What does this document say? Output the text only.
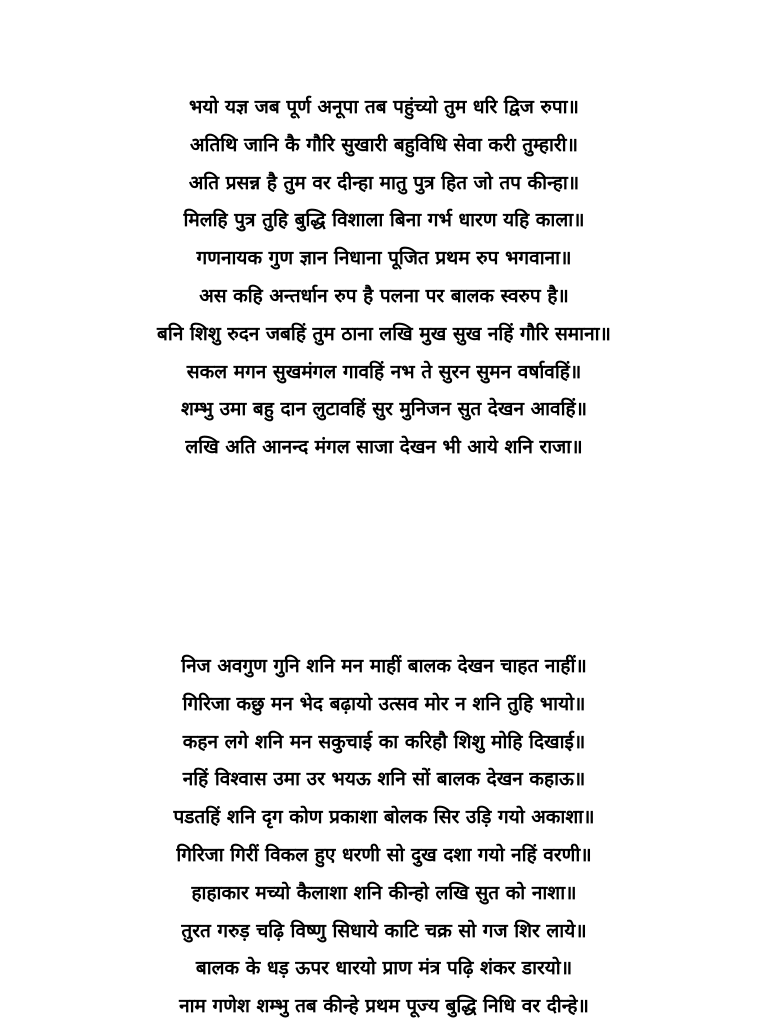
भयो यज्ञ जब पूर्ण अनूपा तब पहुंच्यो तुम धरि द्विज रुपा॥
अतिथि जानि कै गौरि सुखारी बहुविधि सेवा करी तुम्हारी॥
अति प्रसन्न है तुम वर दीन्हा मातु पुत्र हित जो तप कीन्हा॥
मिलहि पुत्र तुहि बुद्धि विशाला बिना गर्भ धारण यहि काला॥
गणनायक गुण ज्ञान निधाना पूजित प्रथम रुप भगवाना॥
अस कहि अन्तर्धान रुप है पलना पर बालक स्वरुप है॥
बनि शिशु रुदन जबहिं तुम ठाना लखि मुख सुख नहिं गौरि समाना॥
सकल मगन सुखमंगल गावहिं नभ ते सुरन सुमन वर्षावहिं॥
शम्भु उमा बहु दान लुटावहिं सुर मुनिजन सुत देखन आवहिं॥
लखि अति आनन्द मंगल साजा देखन भी आये शनि राजा॥
निज अवगुण गुनि शनि मन माहीं बालक देखन चाहत नाहीं॥
गिरिजा कछु मन भेद बढ़ायो उत्सव मोर न शनि तुहि भायो॥
कहन लगे शनि मन सकुचाई का करिहौ शिशु मोहि दिखाई॥
नहिं विश्वास उमा उर भयऊ शनि सों बालक देखन कहाऊ॥
पडतहिं शनि दृग कोण प्रकाशा बोलक सिर उड़ि गयो अकाशा॥
गिरिजा गिरीं विकल हुए धरणी सो दुख दशा गयो नहिं वरणी॥
हाहाकार मच्यो कैलाशा शनि कीन्हो लखि सुत को नाशा॥
तुरत गरुड़ चढ़ि विष्णु सिधाये काटि चक्र सो गज शिर लाये॥
बालक के धड़ ऊपर धारयो प्राण मंत्र पढ़ि शंकर डारयो॥
नाम गणेश शम्भु तब कीन्हे प्रथम पूज्य बुद्धि निधि वर दीन्हे॥
